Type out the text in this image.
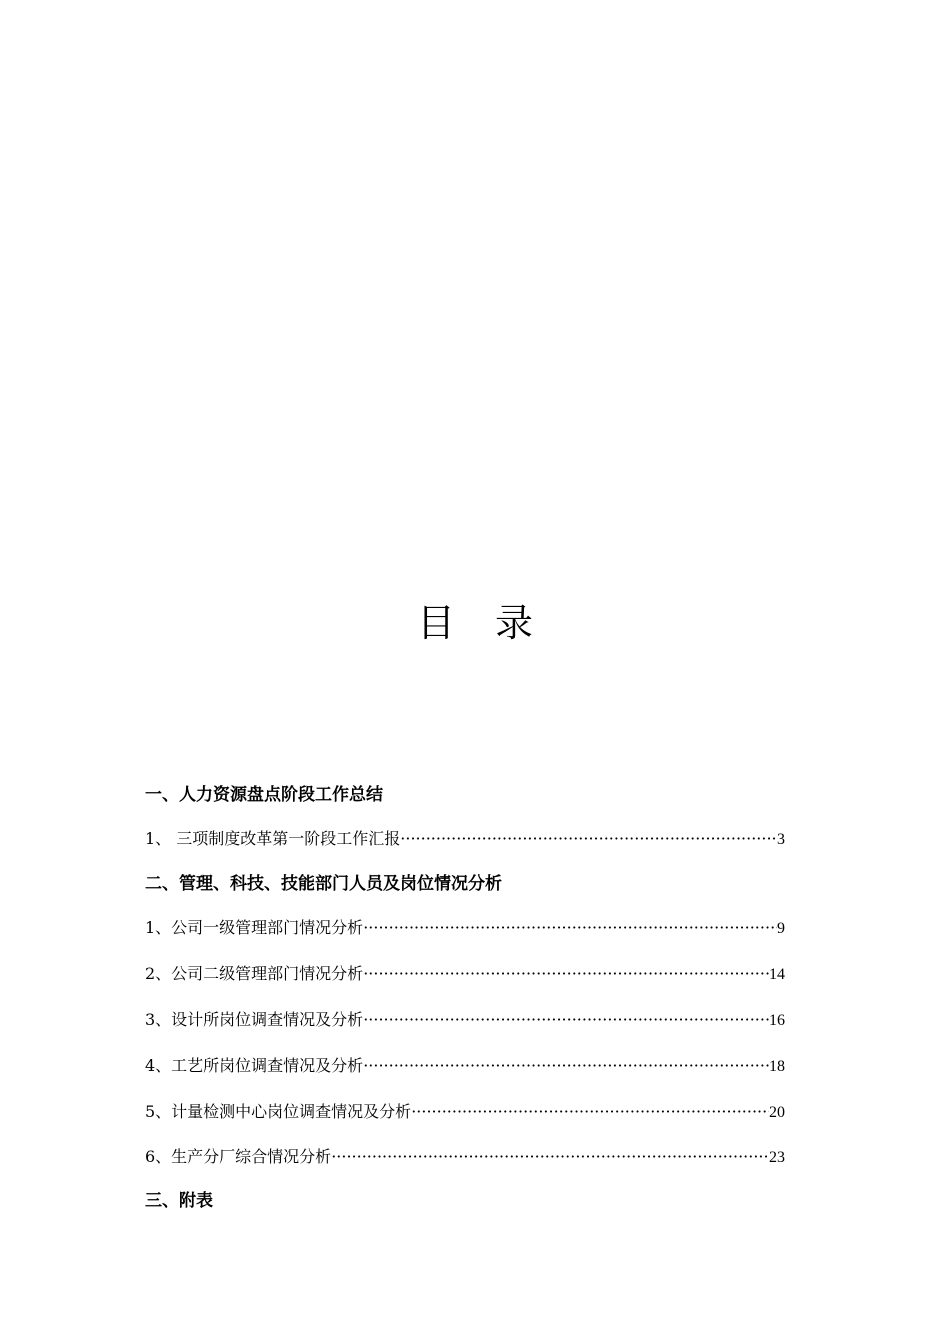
目 录
一、人力资源盘点阶段工作总结
1、 三项制度改革第一阶段工作汇报 ·····	3
二、管理、科技、技能部门人员及岗位情况分析
1、公司一级管理部门情况分析 ·····	9
2、公司二级管理部门情况分析 ·····	14
3、设计所岗位调查情况及分析 ·····	16
4、工艺所岗位调查情况及分析 ·····	18
5、计量检测中心岗位调查情况及分析 ·····	20
6、生产分厂综合情况分析 ·····	23
三、附表
